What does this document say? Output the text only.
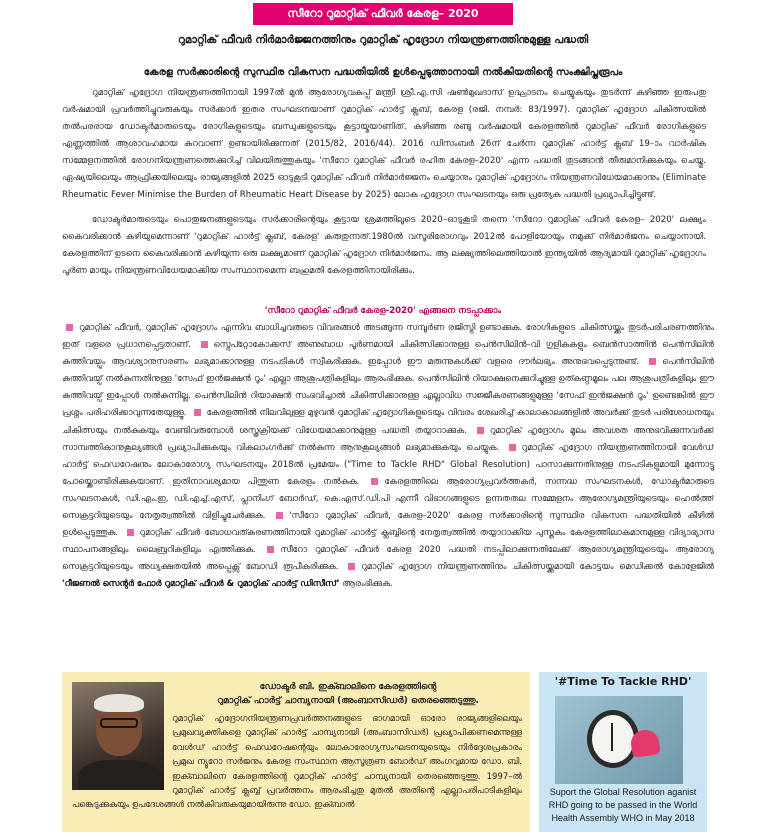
സീറോ റുമാറ്റിക് ഫീവർ കേരള– 2020
റുമാറ്റിക് ഫീവർ നിർമാർജ്ജനത്തിനും റുമാറ്റിക് ഹൃദ്രോഗ നിയന്ത്രണത്തിനുമുള്ള പദ്ധതി
കേരള സർക്കാരിന്റെ സുസ്ഥിര വികസന പദ്ധതിയിൽ ഉൾപ്പെടുത്താനായി നൽകിയതിന്റെ സംക്ഷിപ്തരൂപം

റുമാറ്റിക് ഹൃദ്രോഗ നിയന്ത്രണത്തിനായി 1997ൽ മുൻ ആരോഗ്യവകുപ്പ് മന്ത്രി ശ്രീ.എ.സി ഷൺമുഖദാസ് ഉദ്ഘാടനം ചെയ്യുകയും തുടർന്ന് കഴിഞ്ഞ ഇരുപതു വർഷമായി പ്രവർത്തിച്ചുവരുകയും സർക്കാർ ഇതര സംഘടനയാണ് റുമാറ്റിക് ഹാർട്ട് ക്ലബ്, കേരള (രജി. നമ്പർ: 83/1997). റുമാറ്റിക് ഹൃദ്രോഗ ചികിത്സയിൽ തൽപരരായ ഡോക്ടർമാരുടെയും രോഗികളുടെയും ബന്ധുക്കളുടെയും കൂട്ടായ്മയാണിത്. കഴിഞ്ഞ രണ്ടു വർഷമായി കേരളത്തിൽ റുമാറ്റിക് ഫീവർ രോഗികളുടെ എണ്ണത്തിൽ ആശാവഹമായ കുറവാണ് ഉണ്ടായിരിക്കുന്നത് (2015/82, 2016/44). 2016 ഡിസംബർ 26ന് ചേർന്ന റുമാറ്റിക് ഹാർട്ട് ക്ലബ് 19–ാം വാർഷിക സമ്മേളനത്തിൽ രോഗനിയന്ത്രണത്തെക്കുറിച്ച് വിലയിരുത്തുകയും 'സീറോ റുമാറ്റിക് ഫീവർ രഹിത കേരള–2020' എന്ന പദ്ധതി തുടങ്ങാൻ തീരുമാനിക്കുകയും ചെയ്തു. ഏഷ്യയിലെയും ആഫ്രിക്കയിലെയും രാജ്യങ്ങളിൽ 2025 ഓടുകൂടി റുമാറ്റിക് ഫീവർ നിർമാർജ്ജനം ചെയ്യാനും റുമാറ്റിക് ഹൃദ്രോഗം നിയന്ത്രണവിധേയമാക്കാനും (Eliminate Rheumatic Fever Minimise the Burden of Rheumatic Heart Disease by 2025) ലോക ഹൃദ്രോഗ സംഘടനയും ഒരു പ്രത്യേക പദ്ധതി പ്രഖ്യാപിച്ചിട്ടുണ്ട്.

ഡോക്ടർമാരുടെയും പൊതുജനങ്ങളുടെയും സർക്കാരിന്റെയും കൂട്ടായ ശ്രമത്തിലൂടെ 2020–ഓടുകൂടി തന്നെ 'സീറോ റുമാറ്റിക് ഫീവർ കേരള– 2020' ലക്ഷ്യം കൈവരിക്കാൻ കഴിയുമെന്നാണ് 'റുമാറ്റിക് ഹാർട്ട് ക്ലബ്, കേരള' കരുതുന്നത്.1980ൽ വസൂരിരോഗവും 2012ൽ പോളിയോയും നമുക്ക് നിർമാർജനം ചെയ്യാനായി. കേരളത്തിന് ഉടനെ കൈവരിക്കാൻ കഴിയുന്ന ഒരു ലക്ഷ്യമാണ് റുമാറ്റിക് ഹൃദ്രോഗ നിർമാർജനം. ആ ലക്ഷ്യത്തിലെത്തിയാൽ ഇന്ത്യയിൽ ആദ്യമായി റുമാറ്റിക് ഹൃദ്രോഗം പൂർണ മായും നിയന്ത്രണവിധേയമാക്കിയ സംസ്ഥാനമെന്ന ബഹുമതി കേരളത്തിനായിരിക്കും.

'സീറോ റുമാറ്റിക് ഫീവർ കേരള-2020' എങ്ങനെ നടപ്പാക്കാം
റുമാറ്റിക് ഫീവർ, റുമാറ്റിക് ഹൃദ്രോഗം എന്നിവ ബാധിച്ചവരുടെ വിവരങ്ങൾ അടങ്ങുന്ന സമ്പൂർണ രജിസ്ട്രി ഉണ്ടാക്കുക. രോഗികളുടെ ചികിത്സയ്ക്കും തുടർപരിചരണത്തിനും ഇത് വളരെ പ്രധാനപ്പെട്ടതാണ്.	സ്ട്രെപ്റ്റോകോക്കസ് അണുബാധ പൂർണമായി ചികിത്സിക്കാനുള്ള പെൻസിലിൻ–വി ഗുളികകളും ബെൻസാത്തിൻ പെൻസിലിൻ കുത്തിവയ്പും ആവശ്യാനുസരണം ലഭ്യമാക്കാനുള്ള നടപടികൾ സ്വീകരിക്കുക. ഇപ്പോൾ ഈ മരുന്നുകൾക്ക് വളരെ ദൗർലഭ്യം അനുഭവപ്പെടുന്നുണ്ട്.	പെൻസിലിൻ കുത്തിവയ്പ് നൽകുന്നതിനുള്ള 'സേഫ് ഇൻജക്ഷൻ റൂം' എല്ലാ ആശുപത്രികളിലും ആരംഭിക്കുക. പെൻസിലിൻ റിയാക്ഷനെക്കുറിച്ചുള്ള ഉത്കണ്ഠമൂലം പല ആശുപത്രികളിലും ഈ കുത്തിവയ്പ് ഇപ്പോൾ നൽകുന്നില്ല. പെൻസിലിൻ റിയാക്ഷൻ സംഭവിച്ചാൽ ചികിത്സിക്കാനുള്ള എല്ലാവിധ സജ്ജീകരണങ്ങളുമുള്ള 'സേഫ് ഇൻജക്ഷൻ റൂം' ഉണ്ടെങ്കിൽ ഈ പ്രശ്നം പരിഹരിക്കാവുന്നതേയുള്ളൂ. കേരളത്തിൽ നിലവിലുള്ള മുഴുവൻ റുമാറ്റിക് ഹൃദ്രോഗികളുടെയും വിവരം ശേഖരിച്ച് കാലാകാലങ്ങളിൽ അവർക്ക് തുടർ പരിശോധനയും ചികിത്സയും നൽകുകയും വേണ്ടിവരുമ്പോൾ ശസ്ത്രക്രിയക്ക് വിധേയമാക്കാനുമുള്ള പദ്ധതി തയ്യാറാക്കുക.	റുമാറ്റിക് ഹൃദ്രോഗം മൂലം അവശത അനുഭവിക്കുന്നവർക്ക് സാമ്പത്തികാനുകൂല്യങ്ങൾ പ്രഖ്യാപിക്കുകയും വികലാംഗർക്ക് നൽകുന്ന ആനുകൂല്യങ്ങൾ ലഭ്യമാക്കുകയും ചെയ്യുക.	റുമാറ്റിക് ഹൃദ്രോഗ നിയന്ത്രണത്തിനായി വേൾഡ് ഹാർട്ട് ഫെഡറേഷനും ലോകാരോഗ്യ സംഘടനയും 2018ൽ പ്രമേയം ("Time to Tackle RHD" Global Resolution) പാസാക്കുന്നതിനുള്ള നടപടികളുമായി മുന്നോട്ടു പോയ്ക്കൊണ്ടിരിക്കുകയാണ്. ഇതിനാവശ്യമായ പിന്തുണ കേരളം നൽകുക.	കേരളത്തിലെ ആരോഗ്യപ്രവർത്തകർ, സന്നദ്ധ സംഘടനകൾ, ഡോക്ടർമാരുടെ സംഘടനകൾ, ഡി.എം.ഇ, ഡി.എച്ച്.എസ്, പ്ലാനിംഗ് ബോർഡ്, കെ.എസ്.ഡി.പി എന്നീ വിഭാഗങ്ങളുടെ ഉന്നതതല സമ്മേളനം ആരോഗ്യമന്ത്രിയുടെയും ഹെൽത്ത് സെക്രട്ടറിയുടെയും നേതൃത്വത്തിൽ വിളിച്ചുചേർക്കുക.	'സീറോ റുമാറ്റിക് ഫീവർ, കേരള–2020' കേരള സർക്കാരിന്റെ സുസ്ഥിര വികസന പദ്ധതിയിൽ കീഴിൽ ഉൾപ്പെടുത്തുക.	റുമാറ്റിക് ഫീവർ ബോധവത്കരണത്തിനായി റുമാറ്റിക് ഹാർട്ട് ക്ലബ്ബിന്റെ നേതൃത്വത്തിൽ തയ്യാറാക്കിയ പുസ്തകം കേരളത്തിലാകമാനമുള്ള വിദ്യാഭ്യാസ സ്ഥാപനങ്ങളിലും ലൈബ്രറികളിലും എത്തിക്കുക.	സീറോ റുമാറ്റിക് ഫീവർ കേരള 2020 പദ്ധതി നടപ്പിലാക്കുന്നതിലേക്ക് ആരോഗ്യമന്ത്രിയുടെയും ആരോഗ്യ സെക്രട്ടറിയുടെയും അധ്യക്ഷതയിൽ അപ്പെക്സ് ബോഡി രൂപീകരിക്കുക.	റുമാറ്റിക് ഹൃദ്രോഗ നിയന്ത്രണത്തിനും ചികിത്സയ്ക്കുമായി കോട്ടയം മെഡിക്കൽ കോളേജിൽ 'റീജണൽ സെന്റർ ഫോർ റുമാറ്റിക് ഫീവർ & റുമാറ്റിക് ഹാർട്ട് ഡിസീസ്' ആരംഭിക്കുക.
ഡോക്ടർ ബി. ഇക്ബാലിനെ കേരളത്തിന്റെ
റുമാറ്റിക് ഹാർട്ട് ചാമ്പ്യനായി (അംബാസിഡർ) തെരഞ്ഞെടുത്തു.
റുമാറ്റിക് ഹൃദ്രോഗനിയന്ത്രണപ്രവർത്തനങ്ങളുടെ ഭാഗമായി ഓരോ രാജ്യങ്ങളിലെയും പ്രമുഖവ്യക്തികളെ റുമാറ്റിക് ഹാർട്ട് ചാമ്പ്യനായി (അംബാസിഡർ) പ്രഖ്യാപിക്കണമെന്നുള്ള വേൾഡ് ഹാർട്ട് ഫെഡറേഷന്റെയും ലോകാരോഗ്യസംഘടനയുടെയും നിർദ്ദേശപ്രകാരം പ്രമുഖ ന്യൂറോ സർജനും കേരള സംസ്ഥാന ആസൂത്രണ ബോർഡ് അംഗവുമായ ഡോ. ബി. ഇക്ബാലിനെ കേരളത്തിന്റെ റുമാറ്റിക് ഹാർട്ട് ചാമ്പ്യനായി തെരഞ്ഞെടുത്തു. 1997–ൽ റുമാറ്റിക് ഹാർട്ട് ക്ലബ്ബ് പ്രവർത്തനം ആരംഭിച്ചതു മുതൽ അതിന്റെ എല്ലാപരിപാടികളിലും പങ്കെടുക്കുകയും ഉപദേശങ്ങൾ നൽകിവരുകയുമായിരുന്നു ഡോ. ഇക്ബാൽ
'#Time To Tackle RHD'
Suport the Global Resolution aganist RHD going to be passed in the World Health Assembly WHO in May 2018
